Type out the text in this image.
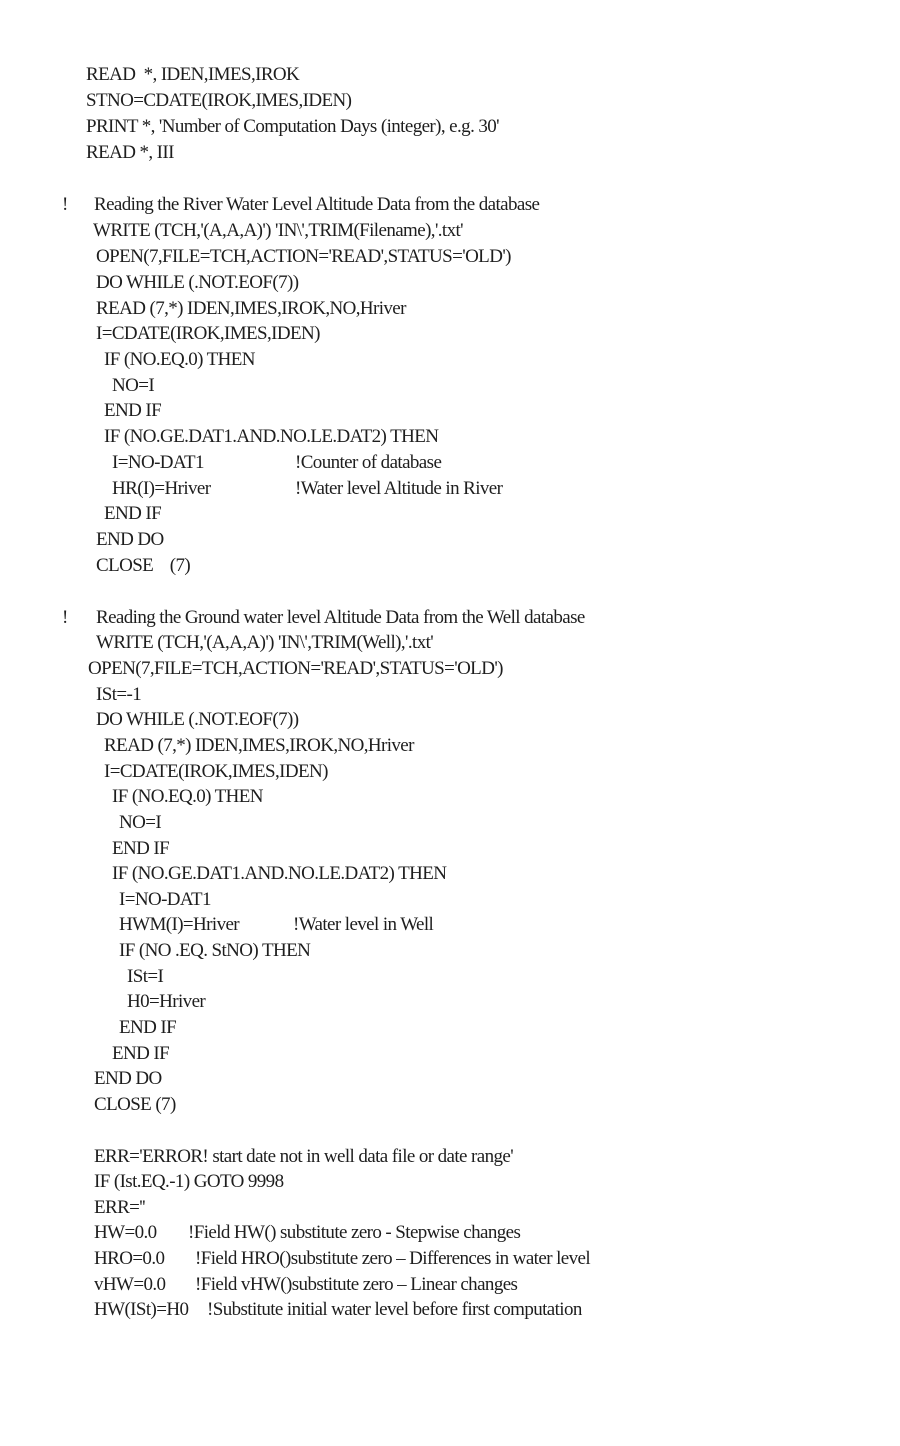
READ  *, IDEN,IMES,IROK
STNO=CDATE(IROK,IMES,IDEN)
PRINT *, 'Number of Computation Days (integer), e.g. 30'
READ *, III
! Reading the River Water Level Altitude Data from the database
WRITE (TCH,'(A,A,A)') 'IN\',TRIM(Filename),'.txt'
OPEN(7,FILE=TCH,ACTION='READ',STATUS='OLD')
DO WHILE (.NOT.EOF(7))
READ (7,*) IDEN,IMES,IROK,NO,Hriver
I=CDATE(IROK,IMES,IDEN)
IF (NO.EQ.0) THEN
NO=I
END IF
IF (NO.GE.DAT1.AND.NO.LE.DAT2) THEN
I=NO-DAT1	!Counter of database
HR(I)=Hriver	!Water level Altitude in River
END IF
END DO
CLOSE    (7)
! Reading the Ground water level Altitude Data from the Well database
WRITE (TCH,'(A,A,A)') 'IN\',TRIM(Well),'.txt'
OPEN(7,FILE=TCH,ACTION='READ',STATUS='OLD')
ISt=-1
DO WHILE (.NOT.EOF(7))
READ (7,*) IDEN,IMES,IROK,NO,Hriver
I=CDATE(IROK,IMES,IDEN)
IF (NO.EQ.0) THEN
NO=I
END IF
IF (NO.GE.DAT1.AND.NO.LE.DAT2) THEN
I=NO-DAT1
HWM(I)=Hriver	!Water level in Well
IF (NO .EQ. StNO) THEN
ISt=I
H0=Hriver
END IF
END IF
END DO
CLOSE (7)
ERR='ERROR! start date not in well data file or date range'
IF (Ist.EQ.-1) GOTO 9998
ERR=''
HW=0.0 !Field HW() substitute zero - Stepwise changes
HRO=0.0 !Field HRO()substitute zero – Differences in water level
vHW=0.0 !Field vHW()substitute zero – Linear changes
HW(ISt)=H0 !Substitute initial water level before first computation
